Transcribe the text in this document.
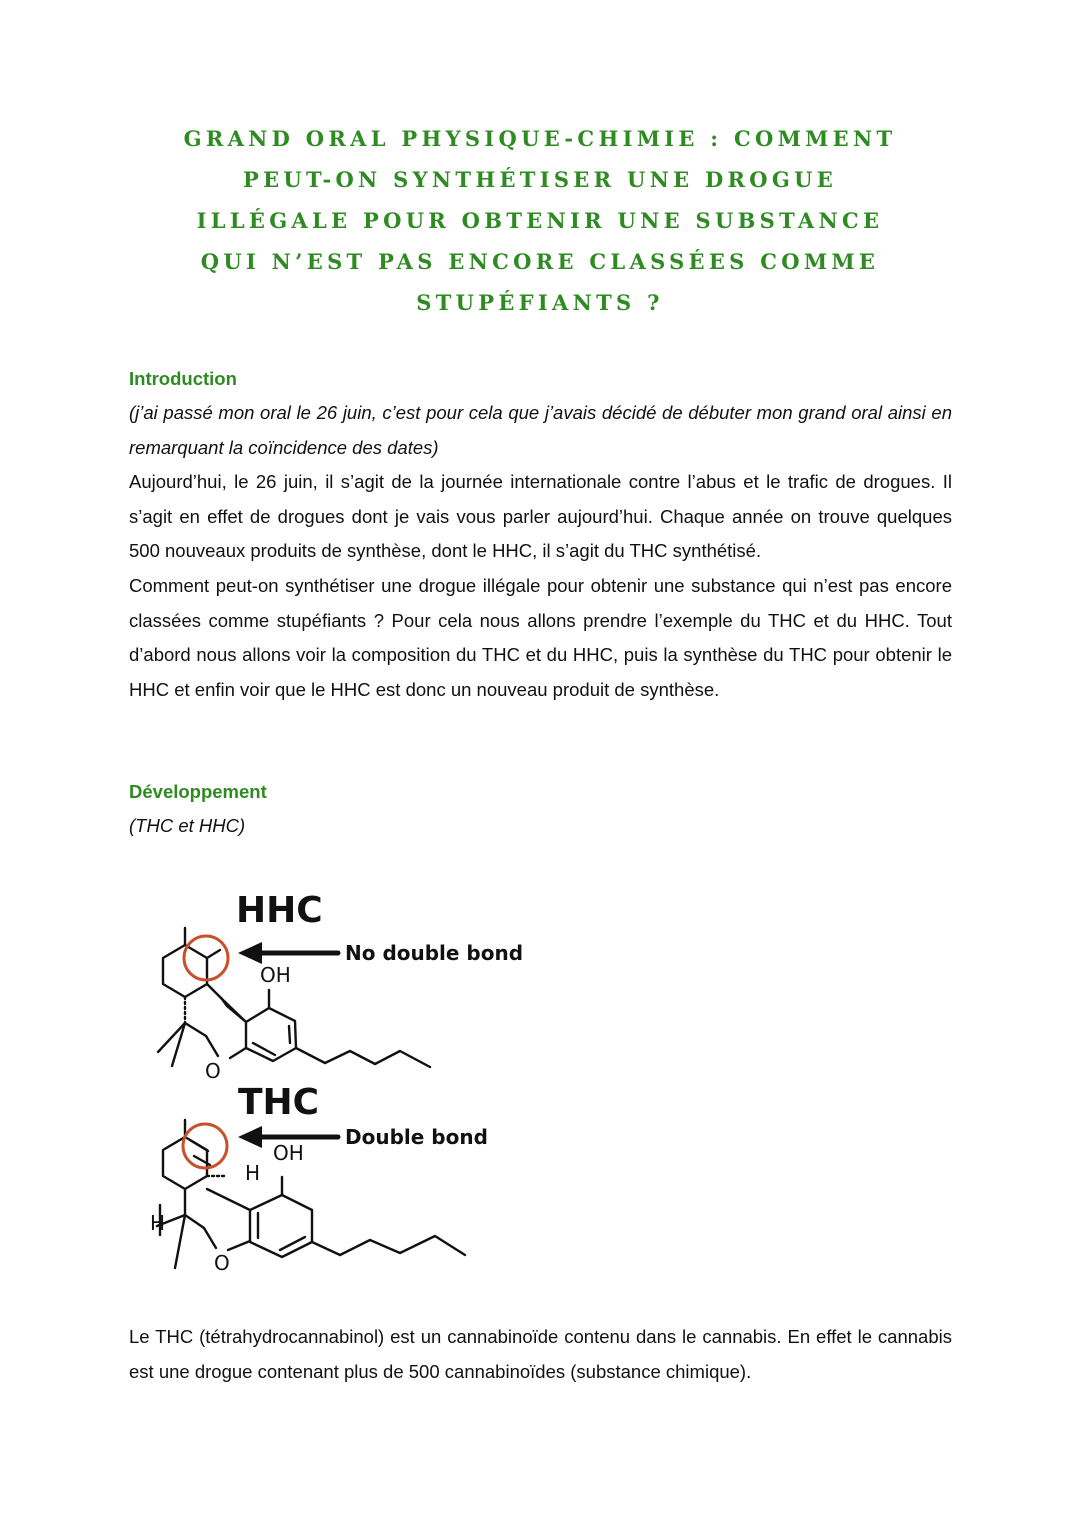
GRAND ORAL PHYSIQUE-CHIMIE : COMMENT
PEUT-ON SYNTHÉTISER UNE DROGUE
ILLÉGALE POUR OBTENIR UNE SUBSTANCE
QUI N’EST PAS ENCORE CLASSÉES COMME
STUPÉFIANTS ?
Introduction

(j’ai passé mon oral le 26 juin, c’est pour cela que j’avais décidé de débuter mon grand oral ainsi en remarquant la coïncidence des dates)

Aujourd’hui, le 26 juin, il s’agit de la journée internationale contre l’abus et le trafic de drogues. Il s’agit en effet de drogues dont je vais vous parler aujourd’hui. Chaque année on trouve quelques 500 nouveaux produits de synthèse, dont le HHC, il s’agit du THC synthétisé.

Comment peut-on synthétiser une drogue illégale pour obtenir une substance qui n’est pas encore classées comme stupéfiants ? Pour cela nous allons prendre l’exemple du THC et du HHC. Tout d’abord nous allons voir la composition du THC et du HHC, puis la synthèse du THC pour obtenir le HHC et enfin voir que le HHC est donc un nouveau produit de synthèse.

Développement
(THC et HHC)
HHC
No double bond
OH
O
THC
Double bond
OH
H
H
O

Le THC (tétrahydrocannabinol) est un cannabinoïde contenu dans le cannabis. En effet le cannabis est une drogue contenant plus de 500 cannabinoïdes (substance chimique).
